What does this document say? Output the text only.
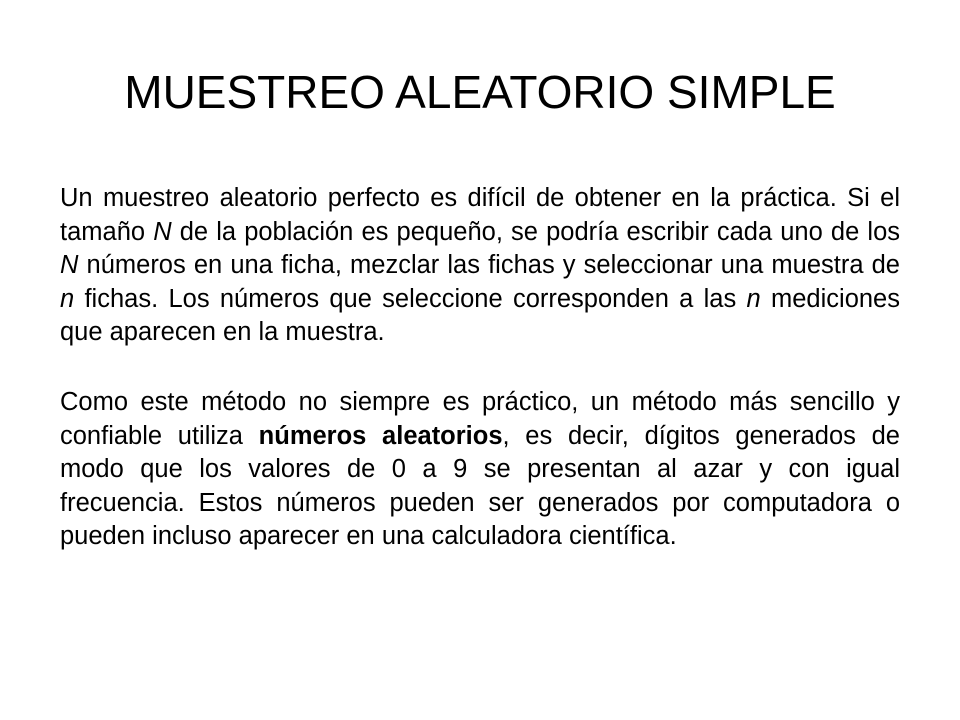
MUESTREO ALEATORIO SIMPLE

Un muestreo aleatorio perfecto es difícil de obtener en la práctica. Si el tamaño N de la población es pequeño, se podría escribir cada uno de los N números en una ficha, mezclar las fichas y seleccionar una muestra de n fichas. Los números que seleccione corresponden a las n mediciones que aparecen en la muestra.

Como este método no siempre es práctico, un método más sencillo y confiable utiliza números aleatorios, es decir, dígitos generados de modo que los valores de 0 a 9 se presentan al azar y con igual frecuencia. Estos números pueden ser generados por computadora o pueden incluso aparecer en una calculadora científica.
